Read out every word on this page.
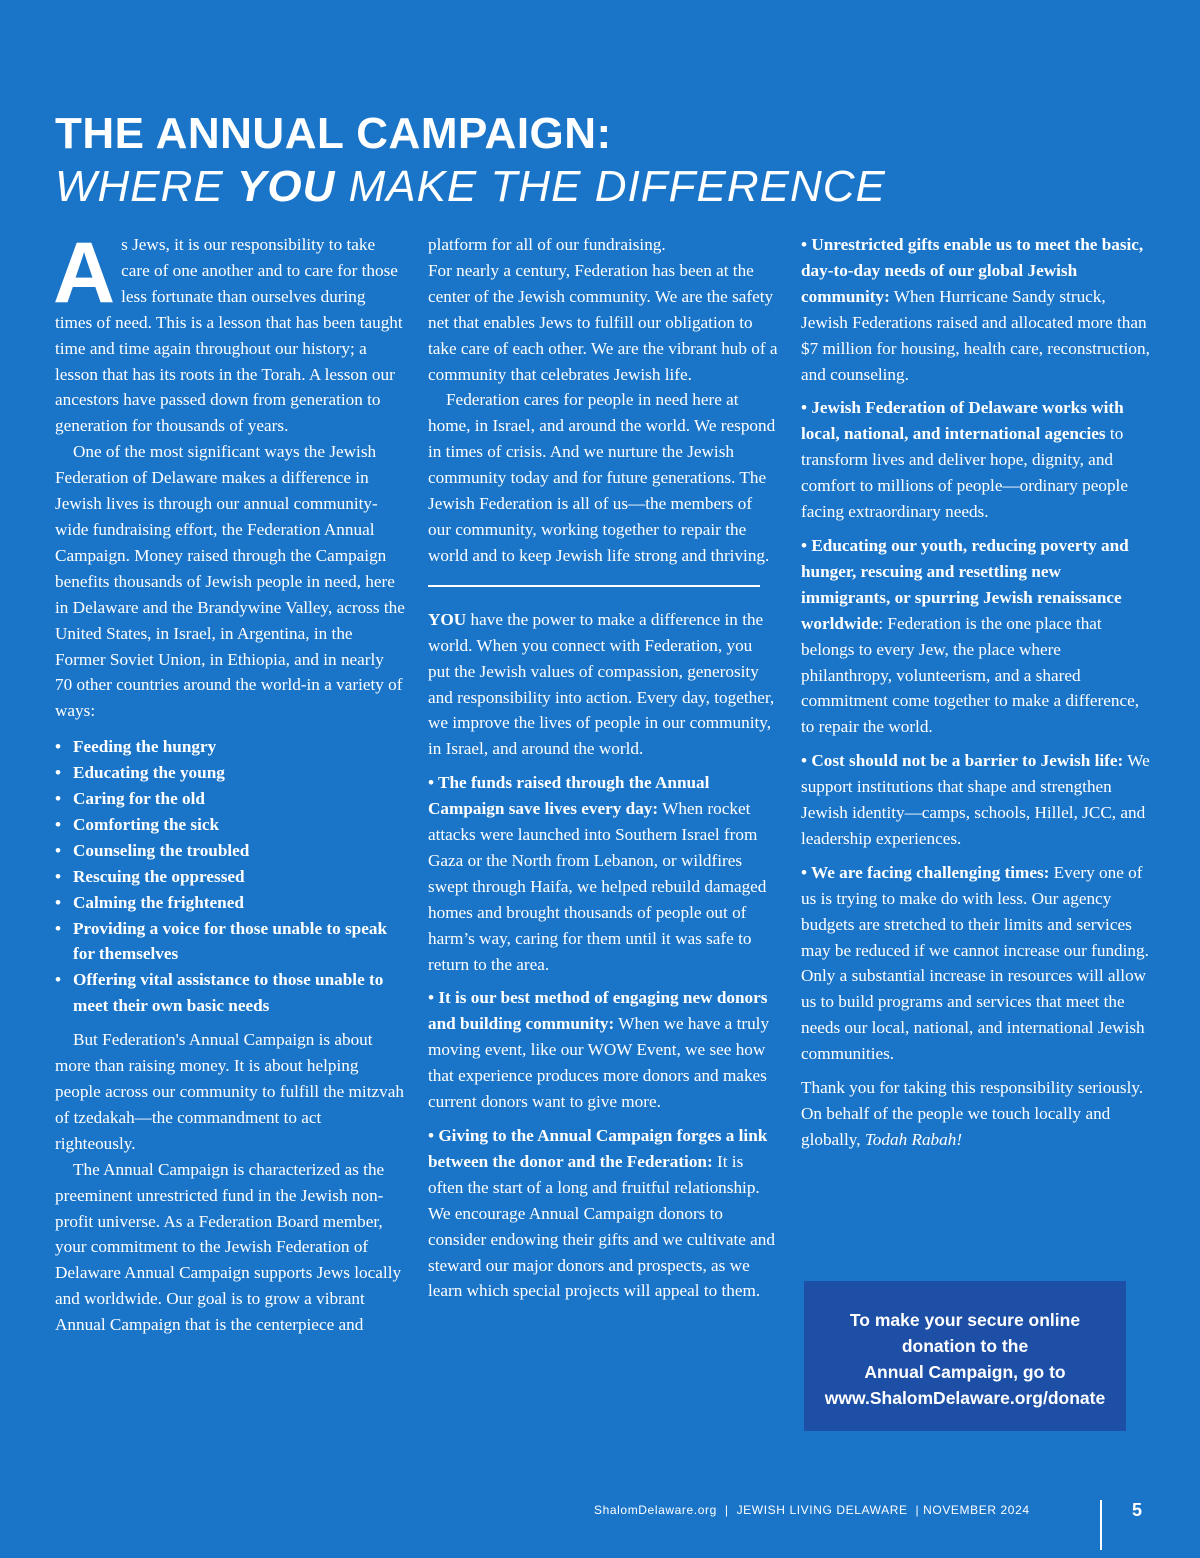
THE ANNUAL CAMPAIGN:
WHERE YOU MAKE THE DIFFERENCE

As Jews, it is our responsibility to take care of one another and to care for those less fortunate than ourselves during times of need. This is a lesson that has been taught time and time again throughout our history; a lesson that has its roots in the Torah. A lesson our ancestors have passed down from generation to generation for thousands of years.

One of the most significant ways the Jewish Federation of Delaware makes a difference in Jewish lives is through our annual community-wide fundraising effort, the Federation Annual Campaign. Money raised through the Campaign benefits thousands of Jewish people in need, here in Delaware and the Brandywine Valley, across the United States, in Israel, in Argentina, in the Former Soviet Union, in Ethiopia, and in nearly 70 other countries around the world-in a variety of ways:

• Feeding the hungry
• Educating the young
• Caring for the old
• Comforting the sick
• Counseling the troubled
• Rescuing the oppressed
• Calming the frightened
• Providing a voice for those unable to speak for themselves
• Offering vital assistance to those unable to meet their own basic needs

But Federation's Annual Campaign is about more than raising money. It is about helping people across our community to fulfill the mitzvah of tzedakah—the commandment to act righteously.

The Annual Campaign is characterized as the preeminent unrestricted fund in the Jewish non-profit universe. As a Federation Board member, your commitment to the Jewish Federation of Delaware Annual Campaign supports Jews locally and worldwide. Our goal is to grow a vibrant Annual Campaign that is the centerpiece and

platform for all of our fundraising.

For nearly a century, Federation has been at the center of the Jewish community. We are the safety net that enables Jews to fulfill our obligation to take care of each other. We are the vibrant hub of a community that celebrates Jewish life.

Federation cares for people in need here at home, in Israel, and around the world. We respond in times of crisis. And we nurture the Jewish community today and for future generations. The Jewish Federation is all of us—the members of our community, working together to repair the world and to keep Jewish life strong and thriving.

YOU have the power to make a difference in the world. When you connect with Federation, you put the Jewish values of compassion, generosity and responsibility into action. Every day, together, we improve the lives of people in our community, in Israel, and around the world.

• The funds raised through the Annual Campaign save lives every day: When rocket attacks were launched into Southern Israel from Gaza or the North from Lebanon, or wildfires swept through Haifa, we helped rebuild damaged homes and brought thousands of people out of harm’s way, caring for them until it was safe to return to the area.

• It is our best method of engaging new donors and building community: When we have a truly moving event, like our WOW Event, we see how that experience produces more donors and makes current donors want to give more.

• Giving to the Annual Campaign forges a link between the donor and the Federation: It is often the start of a long and fruitful relationship. We encourage Annual Campaign donors to consider endowing their gifts and we cultivate and steward our major donors and prospects, as we learn which special projects will appeal to them.

• Unrestricted gifts enable us to meet the basic, day-to-day needs of our global Jewish community: When Hurricane Sandy struck, Jewish Federations raised and allocated more than $7 million for housing, health care, reconstruction, and counseling.

• Jewish Federation of Delaware works with local, national, and international agencies to transform lives and deliver hope, dignity, and comfort to millions of people—ordinary people facing extraordinary needs.

• Educating our youth, reducing poverty and hunger, rescuing and resettling new immigrants, or spurring Jewish renaissance worldwide: Federation is the one place that belongs to every Jew, the place where philanthropy, volunteerism, and a shared commitment come together to make a difference, to repair the world.

• Cost should not be a barrier to Jewish life: We support institutions that shape and strengthen Jewish identity—camps, schools, Hillel, JCC, and leadership experiences.

• We are facing challenging times: Every one of us is trying to make do with less. Our agency budgets are stretched to their limits and services may be reduced if we cannot increase our funding. Only a substantial increase in resources will allow us to build programs and services that meet the needs our local, national, and international Jewish communities.

Thank you for taking this responsibility seriously. On behalf of the people we touch locally and globally, Todah Rabah!

To make your secure online
donation to the
Annual Campaign, go to
www.ShalomDelaware.org/donate
ShalomDelaware.org | JEWISH LIVING DELAWARE | NOVEMBER 2024	5
